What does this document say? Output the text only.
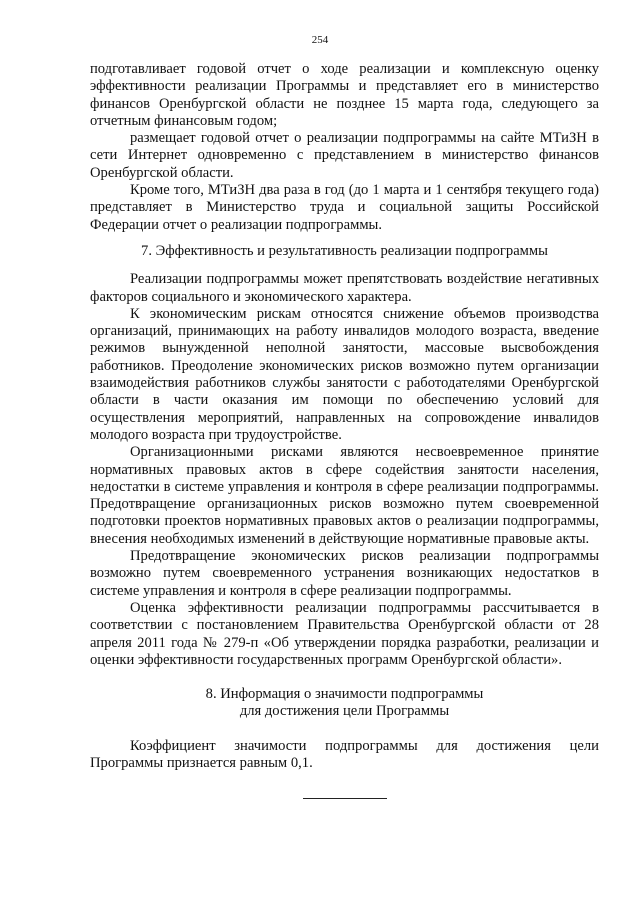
254

подготавливает годовой отчет о ходе реализации и комплексную оценку эффективности реализации Программы и представляет его в министерство финансов Оренбургской области не позднее 15 марта года, следующего за отчетным финансовым годом;

размещает годовой отчет о реализации подпрограммы на сайте МТиЗН в сети Интернет одновременно с представлением в министерство финансов Оренбургской области.

Кроме того, МТиЗН два раза в год (до 1 марта и 1 сентября текущего года) представляет в Министерство труда и социальной защиты Российской Федерации отчет о реализации подпрограммы.

7. Эффективность и результативность реализации подпрограммы

Реализации подпрограммы может препятствовать воздействие негативных факторов социального и экономического характера.

К экономическим рискам относятся снижение объемов производства организаций, принимающих на работу инвалидов молодого возраста, введение режимов вынужденной неполной занятости, массовые высвобождения работников. Преодоление экономических рисков возможно путем организации взаимодействия работников службы занятости с работодателями Оренбургской области в части оказания им помощи по обеспечению условий для осуществления мероприятий, направленных на сопровождение инвалидов молодого возраста при трудоустройстве.

Организационными рисками являются несвоевременное принятие нормативных правовых актов в сфере содействия занятости населения, недостатки в системе управления и контроля в сфере реализации подпрограммы. Предотвращение организационных рисков возможно путем своевременной подготовки проектов нормативных правовых актов о реализации подпрограммы, внесения необходимых изменений в действующие нормативные правовые акты.

Предотвращение экономических рисков реализации подпрограммы возможно путем своевременного устранения возникающих недостатков в системе управления и контроля в сфере реализации подпрограммы.

Оценка эффективности реализации подпрограммы рассчитывается в соответствии с постановлением Правительства Оренбургской области от 28 апреля 2011 года № 279-п «Об утверждении порядка разработки, реализации и оценки эффективности государственных программ Оренбургской области».

8. Информация о значимости подпрограммы
для достижения цели Программы

Коэффициент значимости подпрограммы для достижения цели Программы признается равным 0,1.
